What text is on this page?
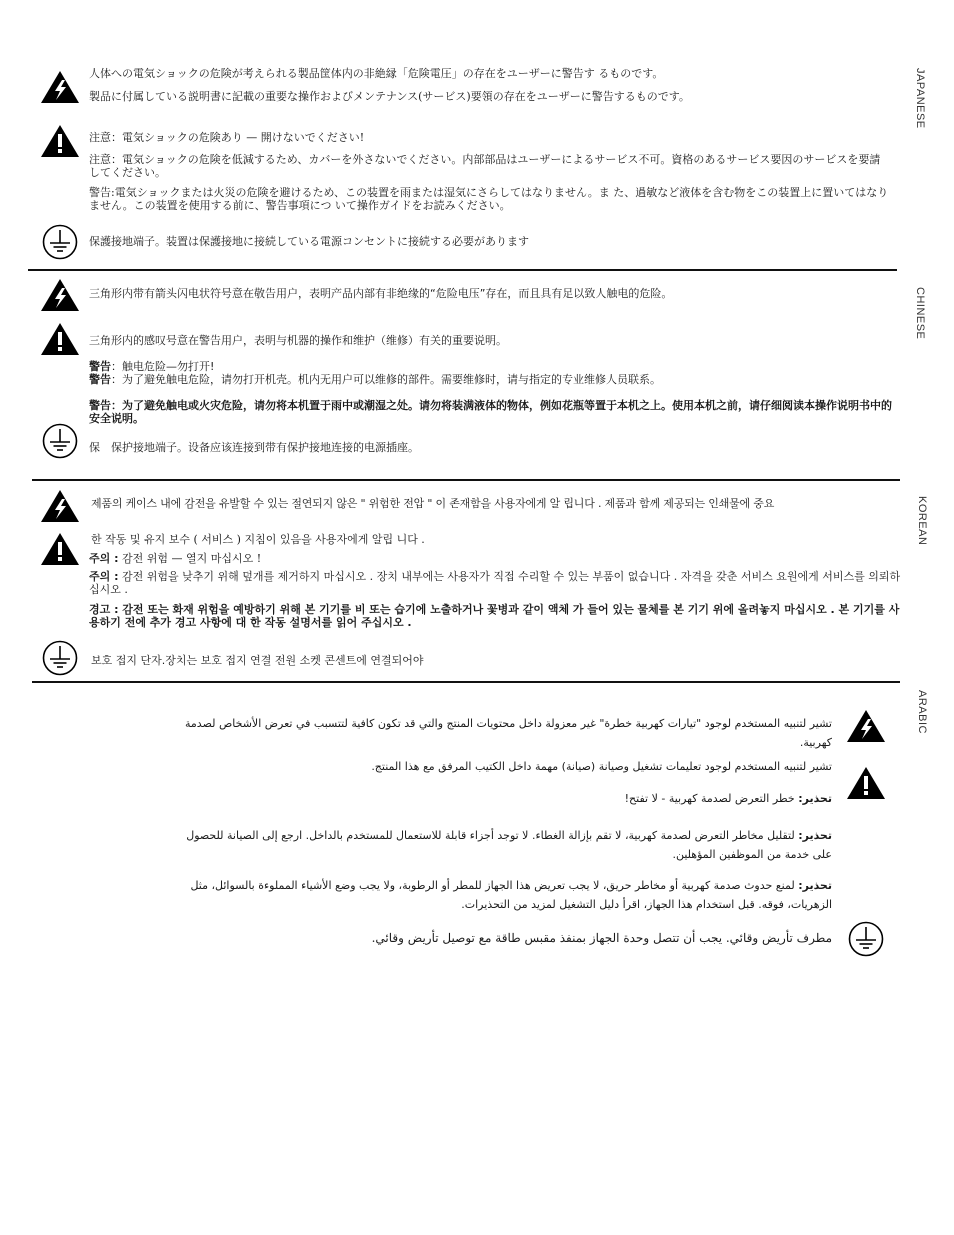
JAPANESE

人体への電気ショックの危険が考えられる製品筐体内の非絶縁「危険電圧」の存在をユーザーに警告す るものです。

製品に付属している説明書に記載の重要な操作およびメンテナンス(サービス)要領の存在をユーザーに警告するものです。

注意：電気ショックの危険あり — 開けないでください!

注意：電気ショックの危険を低減するため、カバーを外さないでください。内部部品はユーザーによるサービス不可。資格のあるサービス要因のサービスを要請してください。

警告:電気ショックまたは火災の危険を避けるため、この装置を雨または湿気にさらしてはなりません。ま た、過敏など液体を含む物をこの装置上に置いてはなりません。この装置を使用する前に、警告事項につ いて操作ガイドをお読みください。

保護接地端子。装置は保護接地に接続している電源コンセントに接続する必要があります

CHINESE

三角形内带有箭头闪电状符号意在敬告用户，表明产品内部有非绝缘的“危险电压”存在，而且具有足以致人触电的危险。

三角形内的感叹号意在警告用户，表明与机器的操作和维护（维修）有关的重要说明。

警告：触电危险—勿打开!

警告：为了避免触电危险，请勿打开机壳。机内无用户可以维修的部件。需要维修时，请与指定的专业维修人员联系。

警告：为了避免触电或火灾危险，请勿将本机置于雨中或潮湿之处。请勿将装满液体的物体，例如花瓶等置于本机之上。使用本机之前，请仔细阅读本操作说明书中的安全说明。

保　保护接地端子。设备应该连接到带有保护接地连接的电源插座。

KOREAN

제품의 케이스 내에 감전을 유발할 수 있는 절연되지 않은 " 위험한 전압 " 이 존재함을 사용자에게 알 립니다 . 제품과 함께 제공되는 인쇄물에 중요

한 작동 및 유지 보수 ( 서비스 ) 지침이 있음을 사용자에게 알립 니다 .

주의 : 감전 위험 — 열지 마십시오 !

주의 : 감전 위험을 낮추기 위해 덮개를 제거하지 마십시오 . 장치 내부에는 사용자가 직접 수리할 수 있는 부품이 없습니다 . 자격을 갖춘 서비스 요원에게 서비스를 의뢰하십시오 .

경고 : 감전 또는 화재 위험을 예방하기 위해 본 기기를 비 또는 습기에 노출하거나 꽃병과 같이 액체 가 들어 있는 물체를 본 기기 위에 올려놓지 마십시오 . 본 기기를 사용하기 전에 추가 경고 사항에 대 한 작동 설명서를 읽어 주십시오 .

보호 접지 단자.장치는 보호 접지 연결 전원 소켓 콘센트에 연결되어야

ARABIC

تشير لتنبيه المستخدم لوجود "تيارات كهربية خطرة" غير معزولة داخل محتويات المنتج والتي قد تكون كافية لتتسبب في تعرض الأشخاص لصدمة كهربية.

تشير لتنبيه المستخدم لوجود تعليمات تشغيل وصيانة (صيانة) مهمة داخل الكتيب المرفق مع هذا المنتج.

تحذير: خطر التعرض لصدمة كهربية - لا تفتح!

تحذير: لتقليل مخاطر التعرض لصدمة كهربية، لا تقم بإزالة الغطاء. لا توجد أجزاء قابلة للاستعمال للمستخدم بالداخل. ارجع إلى الصيانة للحصول على خدمة من الموظفين المؤهلين.

تحذير: لمنع حدوث صدمة كهربية أو مخاطر حريق، لا يجب تعريض هذا الجهاز للمطر أو الرطوبة، ولا يجب وضع الأشياء المملوءة بالسوائل، مثل الزهريات، فوقه. قبل استخدام هذا الجهاز، اقرأ دليل التشغيل لمزيد من التحذيرات.

مطرف تأريض وقائي. يجب أن تتصل وحدة الجهاز بمنفذ مقبس طاقة مع توصيل تأريض وقائي.
